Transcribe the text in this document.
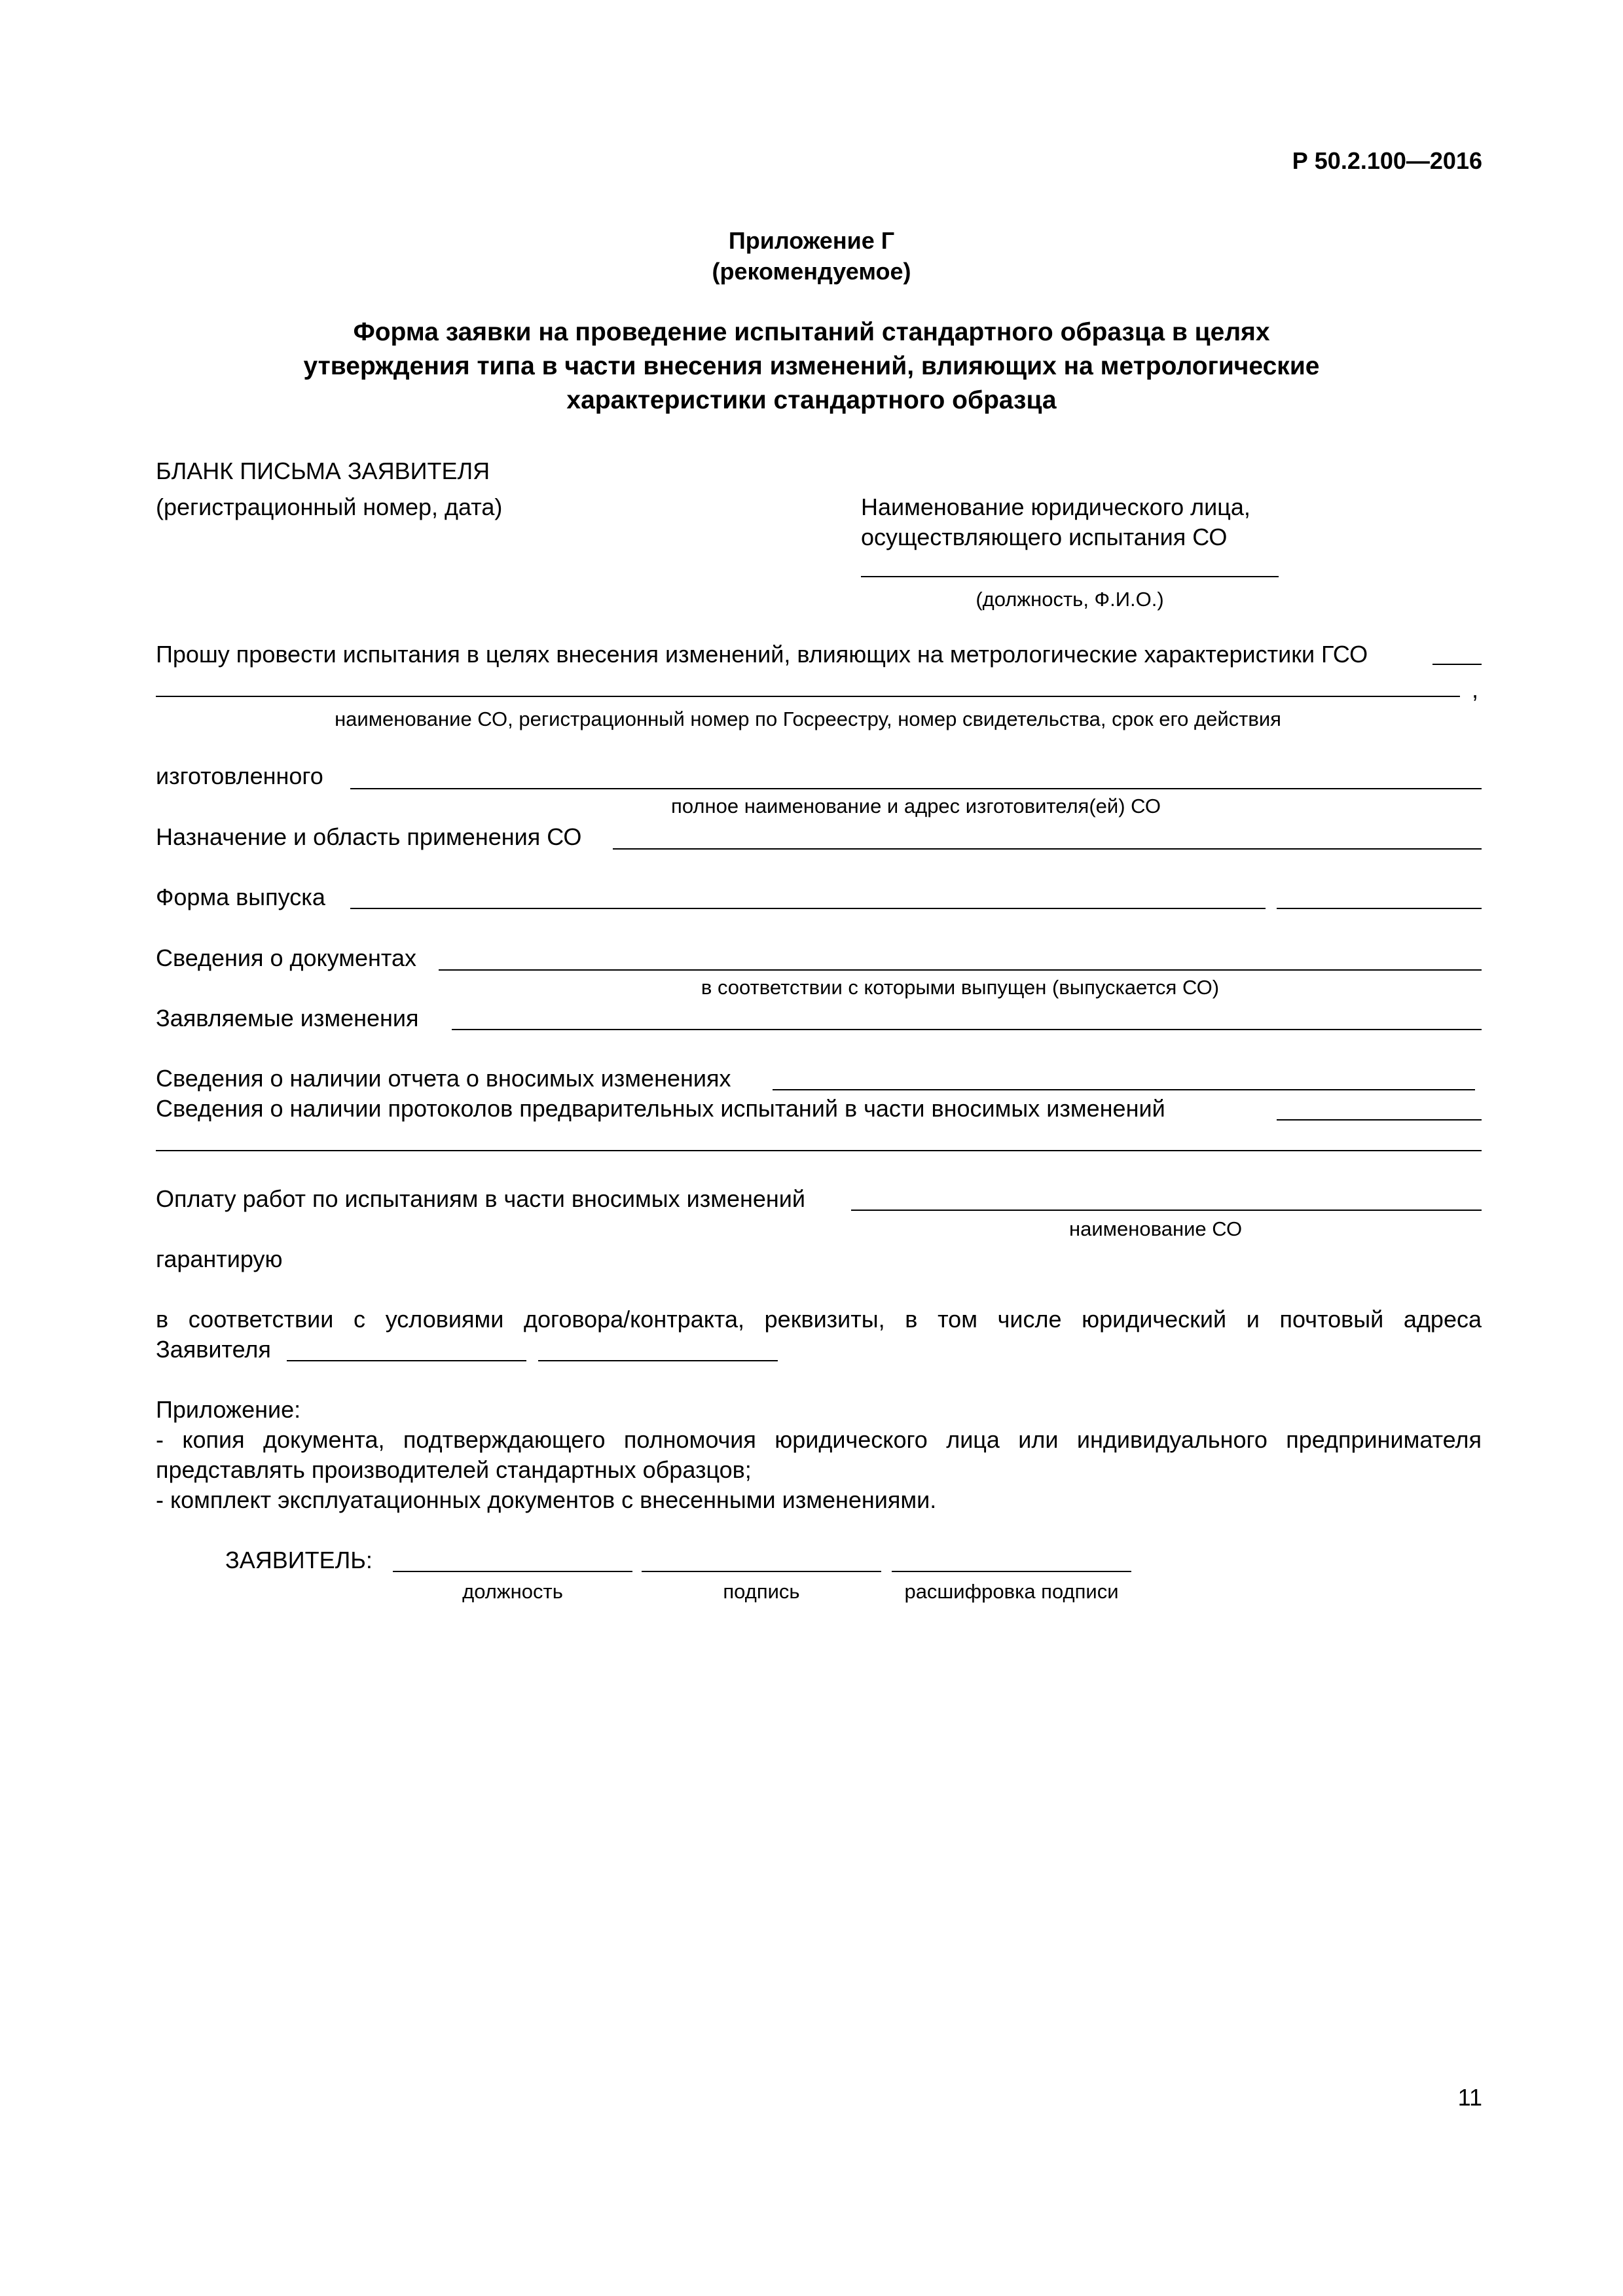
Р 50.2.100—2016
Приложение Г
(рекомендуемое)
Форма заявки на проведение испытаний стандартного образца в целях
утверждения типа в части внесения изменений, влияющих на метрологические
характеристики стандартного образца
БЛАНК ПИСЬМА ЗАЯВИТЕЛЯ
(регистрационный номер, дата)	Наименование юридического лица,
осуществляющего испытания СО
(должность, Ф.И.О.)
Прошу провести испытания в целях внесения изменений, влияющих на метрологические характеристики ГСО
,
наименование СО, регистрационный номер по Госреестру, номер свидетельства, срок его действия
изготовленного
полное наименование и адрес изготовителя(ей) СО
Назначение и область применения СО
Форма выпуска
Сведения о документах
в соответствии с которыми выпущен (выпускается СО)
Заявляемые изменения
Сведения о наличии отчета о вносимых изменениях
Сведения о наличии протоколов предварительных испытаний в части вносимых изменений
Оплату работ по испытаниям в части вносимых изменений
наименование СО
гарантирую
в соответствии с условиями договора/контракта, реквизиты, в том числе юридический и почтовый адреса
Заявителя
Приложение:
- копия документа, подтверждающего полномочия юридического лица или индивидуального предпринимателя
представлять производителей стандартных образцов;
- комплект эксплуатационных документов с внесенными изменениями.
ЗАЯВИТЕЛЬ:
должность	подпись	расшифровка подписи
11
